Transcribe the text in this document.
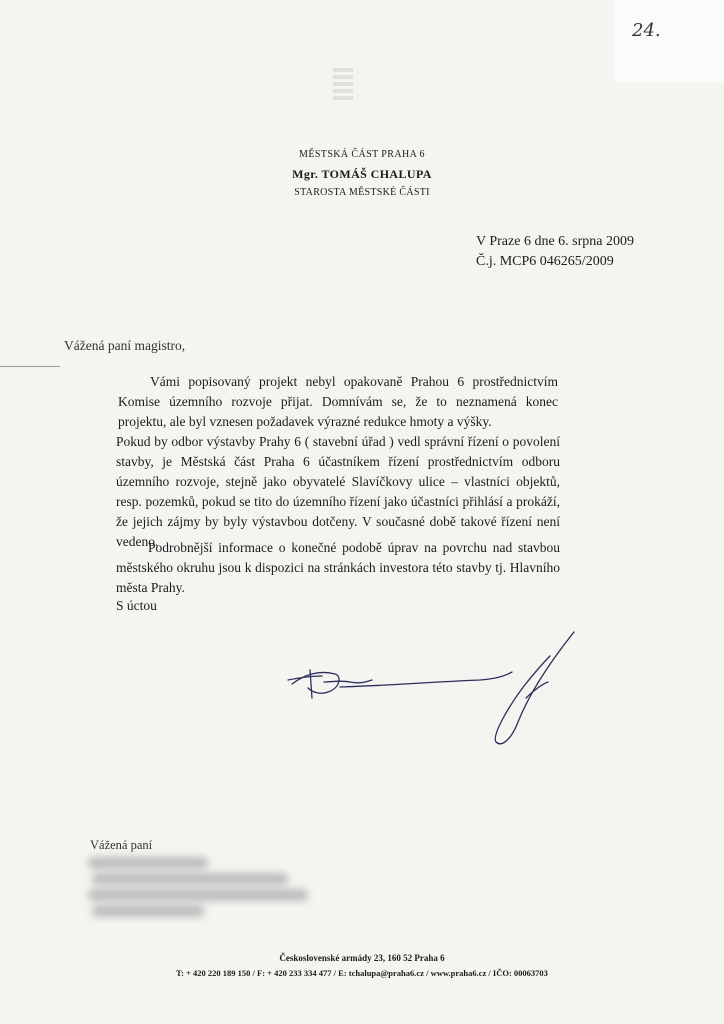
24.
MĚSTSKÁ ČÁST PRAHA 6
Mgr. TOMÁŠ CHALUPA
STAROSTA MĚSTSKÉ ČÁSTI
V Praze 6 dne 6. srpna 2009
Č.j. MCP6 046265/2009
Vážená paní magistro,
Vámi popisovaný projekt nebyl opakovaně Prahou 6 prostřednictvím Komise územního rozvoje přijat. Domnívám se, že to neznamená konec projektu, ale byl vznesen požadavek výrazné redukce hmoty a výšky.
Pokud by odbor výstavby Prahy 6 ( stavební úřad ) vedl správní řízení o povolení stavby, je Městská část Praha 6 účastníkem řízení prostřednictvím odboru územního rozvoje, stejně jako obyvatelé Slavíčkovy ulice – vlastníci objektů, resp. pozemků, pokud se tito do územního řízení jako účastníci přihlásí a prokáží, že jejich zájmy by byly výstavbou dotčeny. V současné době takové řízení není vedeno.
Podrobnější informace o konečné podobě úprav na povrchu nad stavbou městského okruhu jsou k dispozici na stránkách investora této stavby tj. Hlavního města Prahy.
S úctou
Vážená paní
Československé armády 23, 160 52 Praha 6
T: + 420 220 189 150 / F: + 420 233 334 477 / E: tchalupa@praha6.cz / www.praha6.cz / IČO: 00063703
